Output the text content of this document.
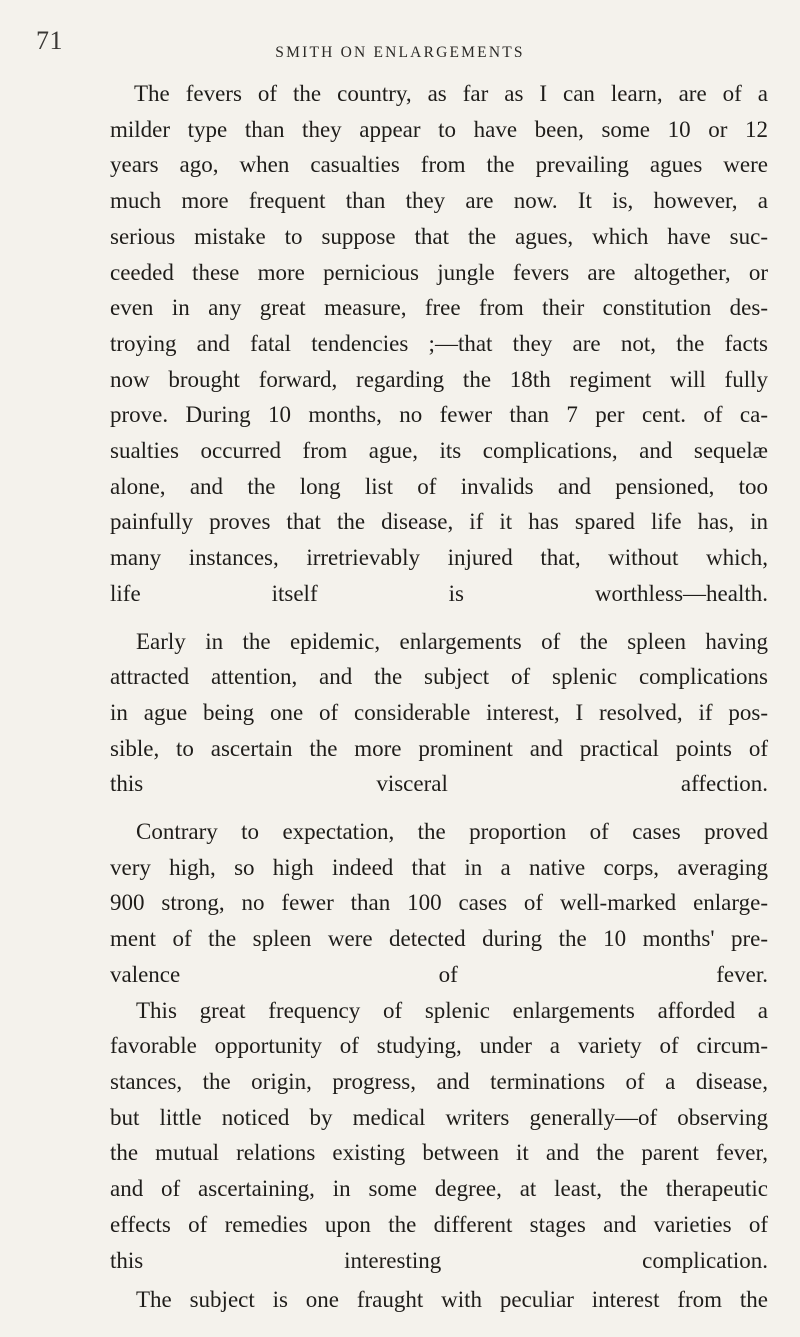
71	SMITH ON ENLARGEMENTS
The fevers of the country, as far as I can learn, are of a
milder type than they appear to have been, some 10 or 12
years ago, when casualties from the prevailing agues were
much more frequent than they are now. It is, however, a
serious mistake to suppose that the agues, which have suc-
ceeded these more pernicious jungle fevers are altogether, or
even in any great measure, free from their constitution des-
troying and fatal tendencies ;—that they are not, the facts
now brought forward, regarding the 18th regiment will fully
prove. During 10 months, no fewer than 7 per cent. of ca-
sualties occurred from ague, its complications, and sequelæ
alone, and the long list of invalids and pensioned, too
painfully proves that the disease, if it has spared life has, in
many instances, irretrievably injured that, without which,
life itself is worthless—health.
Early in the epidemic, enlargements of the spleen having
attracted attention, and the subject of splenic complications
in ague being one of considerable interest, I resolved, if pos-
sible, to ascertain the more prominent and practical points of
this visceral affection.
Contrary to expectation, the proportion of cases proved
very high, so high indeed that in a native corps, averaging
900 strong, no fewer than 100 cases of well-marked enlarge-
ment of the spleen were detected during the 10 months' pre-
valence of fever.
This great frequency of splenic enlargements afforded a
favorable opportunity of studying, under a variety of circum-
stances, the origin, progress, and terminations of a disease,
but little noticed by medical writers generally—of observing
the mutual relations existing between it and the parent fever,
and of ascertaining, in some degree, at least, the therapeutic
effects of remedies upon the different stages and varieties of
this interesting complication.
The subject is one fraught with peculiar interest from the
